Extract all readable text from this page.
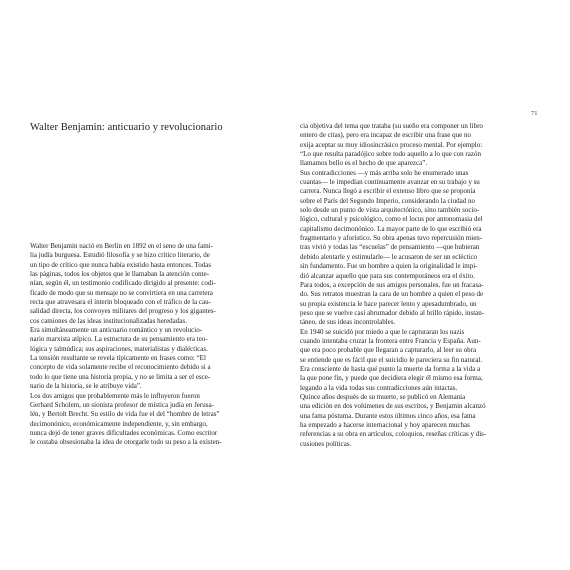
Walter Benjamin: anticuario y revolucionario

Walter Benjamin nació en Berlín en 1892 en el seno de una fami-

lia judía burguesa. Estudió filosofía y se hizo crítico literario, de

un tipo de crítico que nunca había existido hasta entonces. Todas

las páginas, todos los objetos que le llamaban la atención conte-

nían, según él, un testimonio codificado dirigido al presente: codi-

ficado de modo que su mensaje no se convirtiera en una carretera

recta que atravesara el ínterin bloqueado con el tráfico de la cau-

salidad directa, los convoyes militares del progreso y los gigantes-

cos camiones de las ideas institucionalizadas heredadas.

Era simultáneamente un anticuario romántico y un revolucio-

nario marxista atípico. La estructura de su pensamiento era teo-

lógica y talmúdica; sus aspiraciones, materialistas y dialécticas.

La tensión resultante se revela típicamente en frases como: “El

concepto de vida solamente recibe el reconocimiento debido si a

todo lo que tiene una historia propia, y no se limita a ser el esce-

nario de la historia, se le atribuye vida”.

Los dos amigos que probablemente más le influyeron fueron

Gerhard Scholem, un sionista profesor de mística judía en Jerusa-

lén, y Bertolt Brecht. Su estilo de vida fue el del “hombre de letras”

decimonónico, económicamente independiente, y, sin embargo,

nunca dejó de tener graves dificultades económicas. Como escritor

le costaba obsesionaba la idea de otorgarle todo su peso a la existen-

cia objetiva del tema que trataba (su sueño era componer un libro

entero de citas), pero era incapaz de escribir una frase que no

exija aceptar su muy idiosincrásico proceso mental. Por ejemplo:

“Lo que resulta paradójico sobre todo aquello a lo que con razón

llamamos bello es el hecho de que aparezca”.

Sus contradicciones —y más arriba solo he enumerado unas

cuantas— le impedían continuamente avanzar en su trabajo y su

carrera. Nunca llegó a escribir el extenso libro que se proponía

sobre el París del Segundo Imperio, considerando la ciudad no

solo desde un punto de vista arquitectónico, sino también socio-

lógico, cultural y psicológico, como el locus por antonomasia del

capitalismo decimonónico. La mayor parte de lo que escribió era

fragmentario y aforístico. Su obra apenas tuvo repercusión mien-

tras vivió y todas las “escuelas” de pensamiento —que hubieran

debido alentarle y estimularle— le acusaron de ser un ecléctico

sin fundamento. Fue un hombre a quien la originalidad le impi-

dió alcanzar aquello que para sus contemporáneos era el éxito.

Para todos, a excepción de sus amigos personales, fue un fracasa-

do. Sus retratos muestran la cara de un hombre a quien el peso de

su propia existencia le hace parecer lento y apesadumbrado, un

peso que se vuelve casi abrumador debido al brillo rápido, instan-

táneo, de sus ideas incontrolables.

En 1940 se suicidó por miedo a que le capturaran los nazis

cuando intentaba cruzar la frontera entre Francia y España. Aun-

que era poco probable que llegaran a capturarlo, al leer su obra

se entiende que es fácil que el suicidio le pareciera su fin natural.

Era consciente de hasta qué punto la muerte da forma a la vida a

la que pone fin, y puede que decidiera elegir él mismo esa forma,

legando a la vida todas sus contradicciones aún intactas.

Quince años después de su muerte, se publicó en Alemania

una edición en dos volúmenes de sus escritos, y Benjamin alcanzó

una fama póstuma. Durante estos últimos cinco años, esa fama

ha empezado a hacerse internacional y hoy aparecen muchas

referencias a su obra en artículos, coloquios, reseñas críticas y dis-

cusiones políticas.

71
